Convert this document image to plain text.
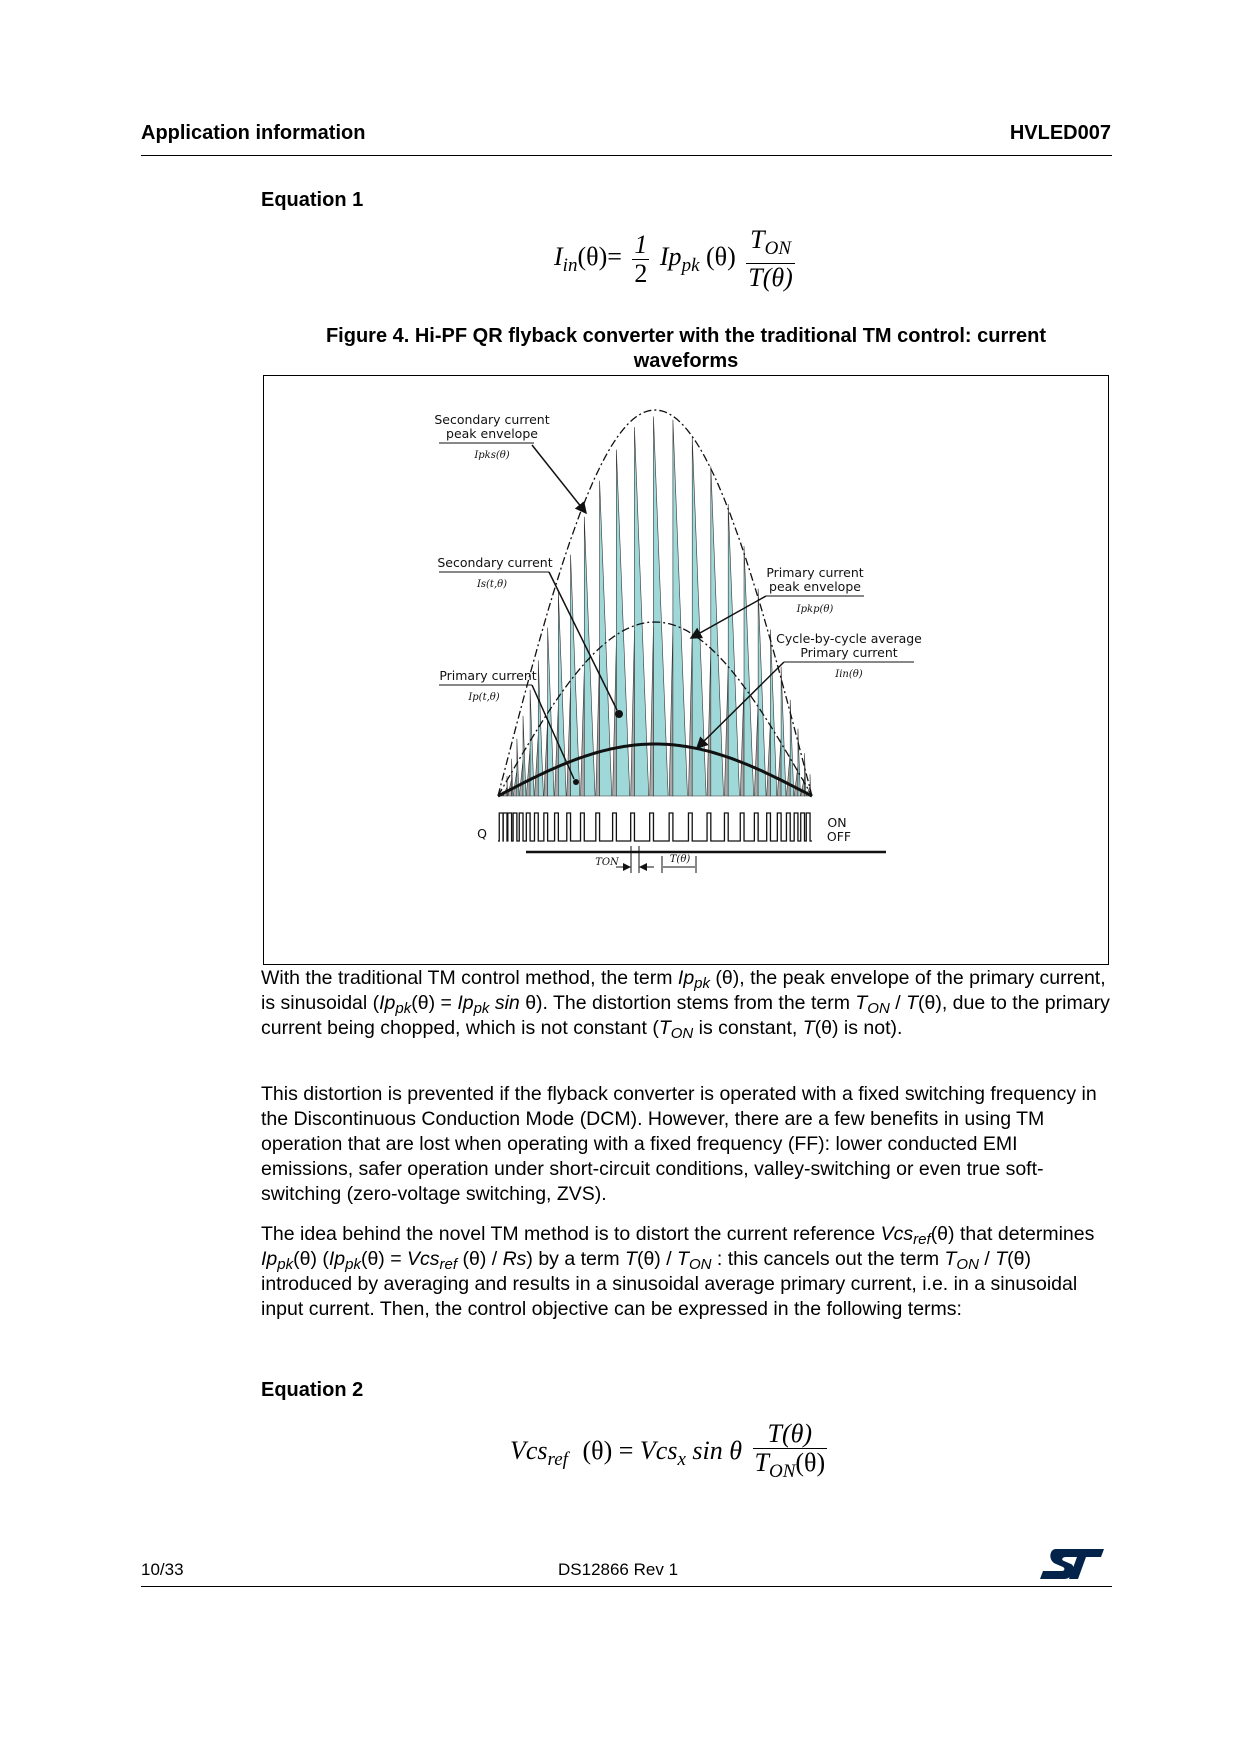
Application information	HVLED007
Equation 1
$I_{in}(\theta)= \frac{1}{2} Ip_{pk}$ $(\theta) \frac{T_{ON}}{T(\theta)}$
Figure 4. Hi-PF QR flyback converter with the traditional TM control: current
waveforms
Secondary current
peak envelope
Ipks(θ)
Secondary current
Is(t,θ)
Primary current
Ip(t,θ)
Primary current
peak envelope
Ipkp(θ)
Cycle-by-cycle average
Primary current
Iin(θ)
Q
ON
OFF
TON	T(θ)
With the traditional TM control method, the term $Ip_{pk}$ (θ), the peak envelope of the primary current, is sinusoidal ($Ip_{pk}(\theta) = Ip_{pk}$ sin θ). The distortion stems from the term $T_{ON} / T(\theta)$, due to the primary current being chopped, which is not constant ($T_{ON}$ is constant, T(θ) is not).
This distortion is prevented if the flyback converter is operated with a fixed switching frequency in the Discontinuous Conduction Mode (DCM). However, there are a few benefits in using TM operation that are lost when operating with a fixed frequency (FF): lower conducted EMI emissions, safer operation under short-circuit conditions, valley-switching or even true soft-switching (zero-voltage switching, ZVS).
The idea behind the novel TM method is to distort the current reference Vcs$_{ref}$(θ) that determines $Ip_{pk}(\theta) (Ip_{pk}(\theta) = Vcs_{ref}$ (θ) / Rs) by a term $T(\theta) / T_{ON}$ : this cancels out the term $T_{ON} / T(\theta)$ introduced by averaging and results in a sinusoidal average primary current, i.e. in a sinusoidal input current. Then, the control objective can be expressed in the following terms:
Equation 2
Vcs$_{ref}$ (θ) = Vcs$_x$ sin θ $\frac{T(\theta)}{T_{ON}(\theta)}$
10/33	DS12866 Rev 1
